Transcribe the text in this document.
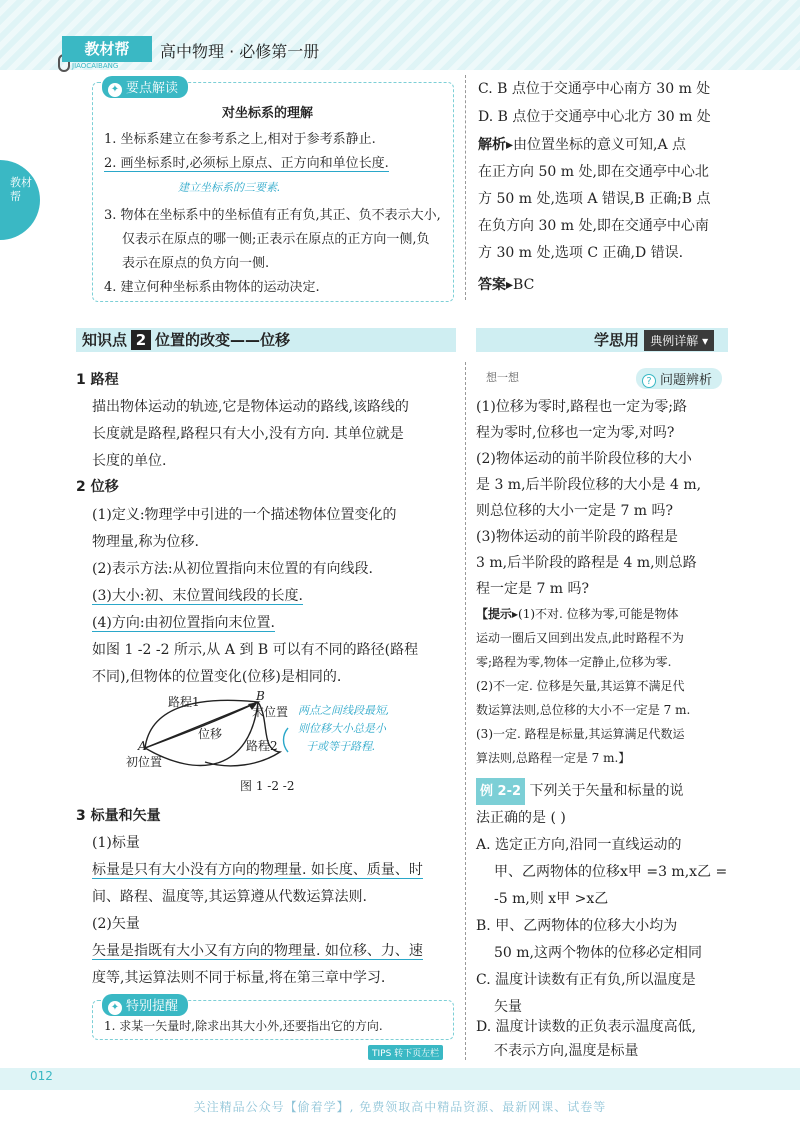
教材帮
JIAOCAIBANG
高中物理 · 必修第一册
教材帮
✦ 要点解读
对坐标系的理解
1. 坐标系建立在参考系之上,相对于参考系静止.
2. 画坐标系时,必须标上原点、正方向和单位长度.
建立坐标系的三要素.
3. 物体在坐标系中的坐标值有正有负,其正、负不表示大小,
仅表示在原点的哪一侧;正表示在原点的正方向一侧,负
表示在原点的负方向一侧.
4. 建立何种坐标系由物体的运动决定.
C. B 点位于交通亭中心南方 30 m 处
D. B 点位于交通亭中心北方 30 m 处
解析▸由位置坐标的意义可知,A 点
在正方向 50 m 处,即在交通亭中心北
方 50 m 处,选项 A 错误,B 正确;B 点
在负方向 30 m 处,即在交通亭中心南
方 30 m 处,选项 C 正确,D 错误.
答案▸BC
知识点 2 位置的改变——位移	学思用 典例详解 ▾
1 路程
描出物体运动的轨迹,它是物体运动的路线,该路线的
长度就是路程,路程只有大小,没有方向. 其单位就是
长度的单位.
2 位移
(1)定义:物理学中引进的一个描述物体位置变化的
物理量,称为位移.
(2)表示方法:从初位置指向末位置的有向线段.
(3)大小:初、末位置间线段的长度.
(4)方向:由初位置指向末位置.
如图 1 -2 -2 所示,从 A 到 B 可以有不同的路径(路程
不同),但物体的位置变化(位移)是相同的.
路程1	B
末位置
位移
路程2
A
初位置
两点之间线段最短,
则位移大小总是小
于或等于路程.
图 1 -2 -2
3 标量和矢量
(1)标量
标量是只有大小没有方向的物理量. 如长度、质量、时
间、路程、温度等,其运算遵从代数运算法则.
(2)矢量
矢量是指既有大小又有方向的物理量. 如位移、力、速
度等,其运算法则不同于标量,将在第三章中学习.
✦ 特别提醒
1. 求某一矢量时,除求出其大小外,还要指出它的方向.
TIPS 转下页左栏
想一想	? 问题辨析
(1)位移为零时,路程也一定为零;路
程为零时,位移也一定为零,对吗?
(2)物体运动的前半阶段位移的大小
是 3 m,后半阶段位移的大小是 4 m,
则总位移的大小一定是 7 m 吗?
(3)物体运动的前半阶段的路程是
3 m,后半阶段的路程是 4 m,则总路
程一定是 7 m 吗?
【提示▸(1)不对. 位移为零,可能是物体
运动一圈后又回到出发点,此时路程不为
零;路程为零,物体一定静止,位移为零.
(2)不一定. 位移是矢量,其运算不满足代
数运算法则,总位移的大小不一定是 7 m.
(3)一定. 路程是标量,其运算满足代数运
算法则,总路程一定是 7 m.】
例 2-2 下列关于矢量和标量的说
法正确的是 ( )
A. 选定正方向,沿同一直线运动的
甲、乙两物体的位移x甲 =3 m,x乙 =
-5 m,则 x甲 >x乙
B. 甲、乙两物体的位移大小均为
50 m,这两个物体的位移必定相同
C. 温度计读数有正有负,所以温度是
矢量
D. 温度计读数的正负表示温度高低,
不表示方向,温度是标量
012
关注精品公众号【偷着学】, 免费领取高中精品资源、最新网课、试卷等
